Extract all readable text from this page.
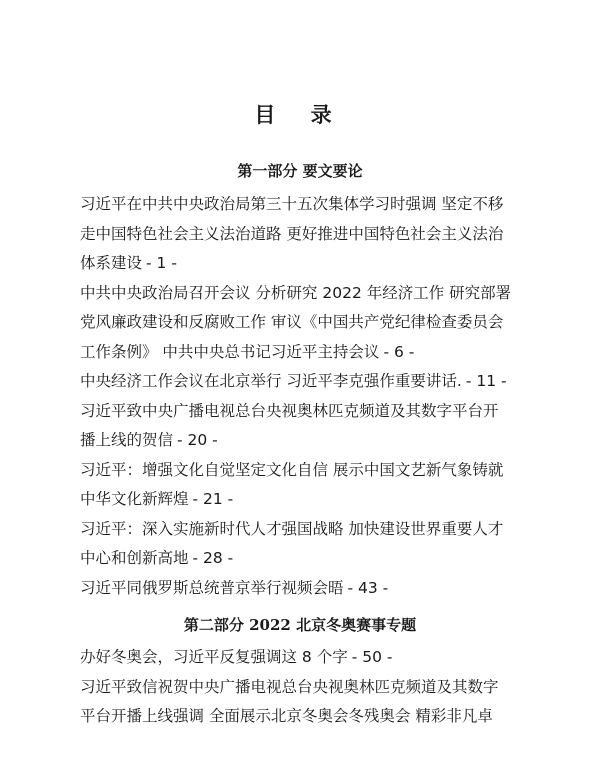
目 录
第一部分 要文要论
习近平在中共中央政治局第三十五次集体学习时强调 坚定不移
走中国特色社会主义法治道路 更好推进中国特色社会主义法治
体系建设 - 1 -
中共中央政治局召开会议 分析研究 2022 年经济工作 研究部署
党风廉政建设和反腐败工作 审议《中国共产党纪律检查委员会
工作条例》 中共中央总书记习近平主持会议 - 6 -
中央经济工作会议在北京举行 习近平李克强作重要讲话. - 11 -
习近平致中央广播电视总台央视奥林匹克频道及其数字平台开
播上线的贺信 - 20 -
习近平：增强文化自觉坚定文化自信 展示中国文艺新气象铸就
中华文化新辉煌 - 21 -
习近平：深入实施新时代人才强国战略 加快建设世界重要人才
中心和创新高地 - 28 -
习近平同俄罗斯总统普京举行视频会晤 - 43 -
第二部分 2022 北京冬奥赛事专题
办好冬奥会，习近平反复强调这 8 个字 - 50 -
习近平致信祝贺中央广播电视总台央视奥林匹克频道及其数字
平台开播上线强调 全面展示北京冬奥会冬残奥会 精彩非凡卓
